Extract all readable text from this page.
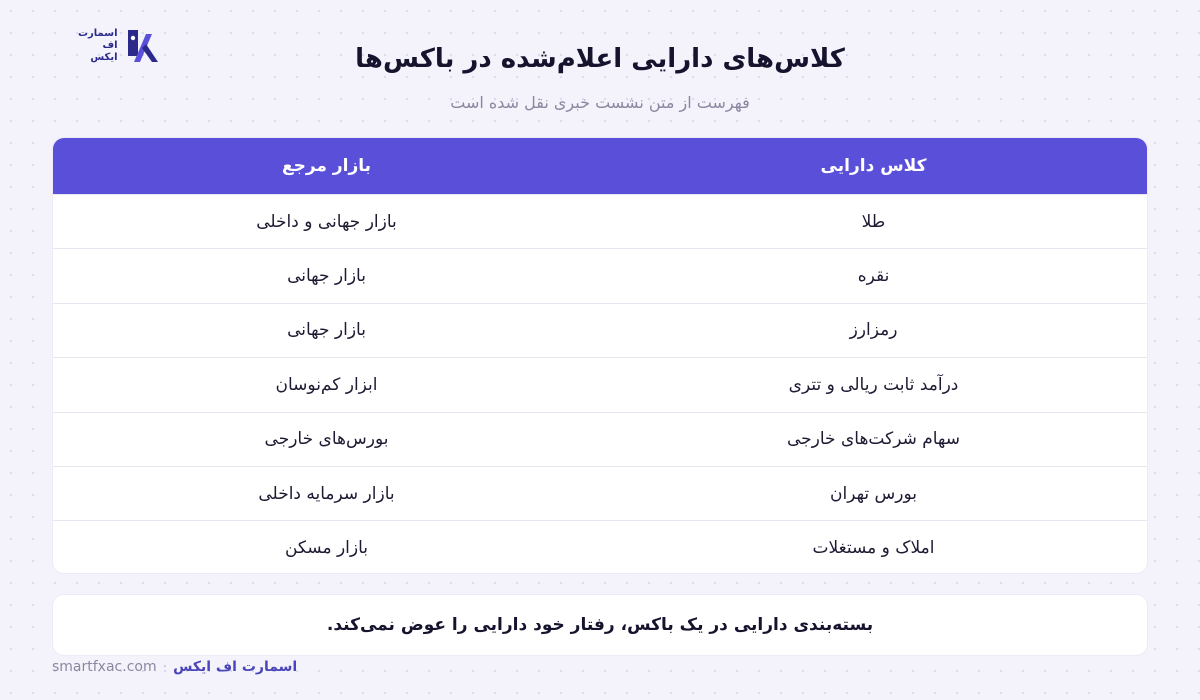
اسمارت
اف
ایکس	کلاس‌های دارایی اعلام‌شده در باکس‌ها

فهرست از متن نشست خبری نقل شده است

کلاس دارایی
بازار مرجع
طلا
بازار جهانی و داخلی
نقره
بازار جهانی
رمزارز
بازار جهانی
درآمد ثابت ریالی و تتری
ابزار کم‌نوسان
سهام شرکت‌های خارجی
بورس‌های خارجی
بورس تهران
بازار سرمایه داخلی
املاک و مستغلات
بازار مسکن
بسته‌بندی دارایی در یک باکس، رفتار خود دارایی را عوض نمی‌کند.
smartfxac.com · اسمارت اف ایکس
